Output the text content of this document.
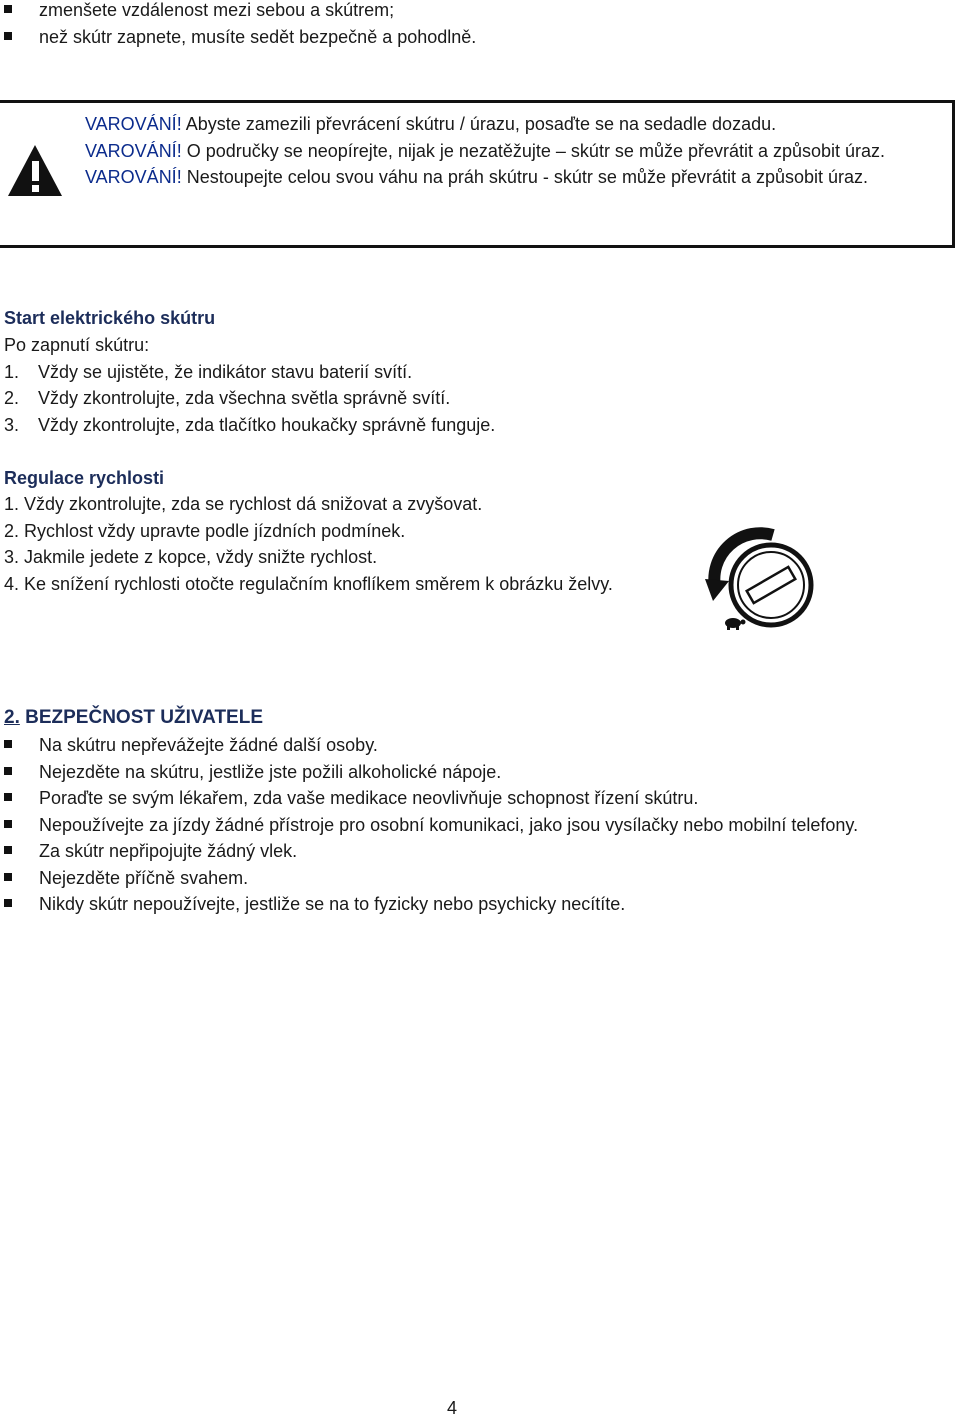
zmenšete vzdálenost mezi sebou a skútrem;
než skútr zapnete, musíte sedět bezpečně a pohodlně.
VAROVÁNÍ! Abyste zamezili převrácení skútru / úrazu, posaďte se na sedadle dozadu.
VAROVÁNÍ! O područky se neopírejte, nijak je nezatěžujte – skútr se může převrátit a způsobit úraz.
VAROVÁNÍ! Nestoupejte celou svou váhu na práh skútru - skútr se může převrátit a způsobit úraz.
Start elektrického skútru
Po zapnutí skútru:
1. Vždy se ujistěte, že indikátor stavu baterií svítí.
2. Vždy zkontrolujte, zda všechna světla správně svítí.
3. Vždy zkontrolujte, zda tlačítko houkačky správně funguje.
Regulace rychlosti
1. Vždy zkontrolujte, zda se rychlost dá snižovat a zvyšovat.
2. Rychlost vždy upravte podle jízdních podmínek.
3. Jakmile jedete z kopce, vždy snižte rychlost.
4. Ke snížení rychlosti otočte regulačním knoflíkem směrem k obrázku želvy.
2. BEZPEČNOST UŽIVATELE
Na skútru nepřevážejte žádné další osoby.
Nejezděte na skútru, jestliže jste požili alkoholické nápoje.
Poraďte se svým lékařem, zda vaše medikace neovlivňuje schopnost řízení skútru.
Nepoužívejte za jízdy žádné přístroje pro osobní komunikaci, jako jsou vysílačky nebo mobilní telefony.
Za skútr nepřipojujte žádný vlek.
Nejezděte příčně svahem.
Nikdy skútr nepoužívejte, jestliže se na to fyzicky nebo psychicky necítíte.
4
